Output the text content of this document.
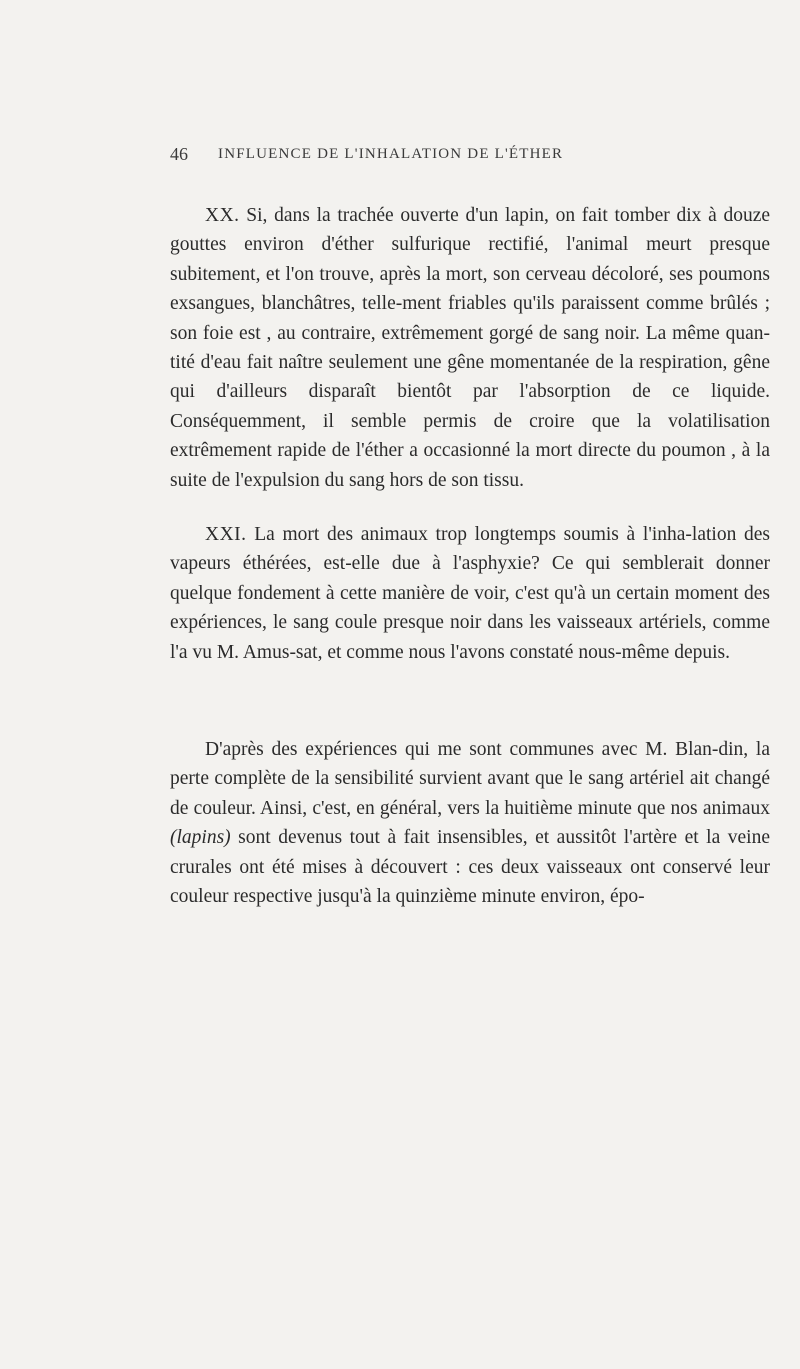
46 INFLUENCE DE L'INHALATION DE L'ÉTHER

XX. Si, dans la trachée ouverte d'un lapin, on fait tomber dix à douze gouttes environ d'éther sulfurique rectifié, l'animal meurt presque subitement, et l'on trouve, après la mort, son cerveau décoloré, ses poumons exsangues, blanchâtres, telle-ment friables qu'ils paraissent comme brûlés ; son foie est , au contraire, extrêmement gorgé de sang noir. La même quan-tité d'eau fait naître seulement une gêne momentanée de la respiration, gêne qui d'ailleurs disparaît bientôt par l'absorption de ce liquide. Conséquemment, il semble permis de croire que la volatilisation extrêmement rapide de l'éther a occasionné la mort directe du poumon , à la suite de l'expulsion du sang hors de son tissu.

XXI. La mort des animaux trop longtemps soumis à l'inha-lation des vapeurs éthérées, est-elle due à l'asphyxie? Ce qui semblerait donner quelque fondement à cette manière de voir, c'est qu'à un certain moment des expériences, le sang coule presque noir dans les vaisseaux artériels, comme l'a vu M. Amus-sat, et comme nous l'avons constaté nous-même depuis.

D'après des expériences qui me sont communes avec M. Blan-din, la perte complète de la sensibilité survient avant que le sang artériel ait changé de couleur. Ainsi, c'est, en général, vers la huitième minute que nos animaux (lapins) sont devenus tout à fait insensibles, et aussitôt l'artère et la veine crurales ont été mises à découvert : ces deux vaisseaux ont conservé leur couleur respective jusqu'à la quinzième minute environ, épo-
